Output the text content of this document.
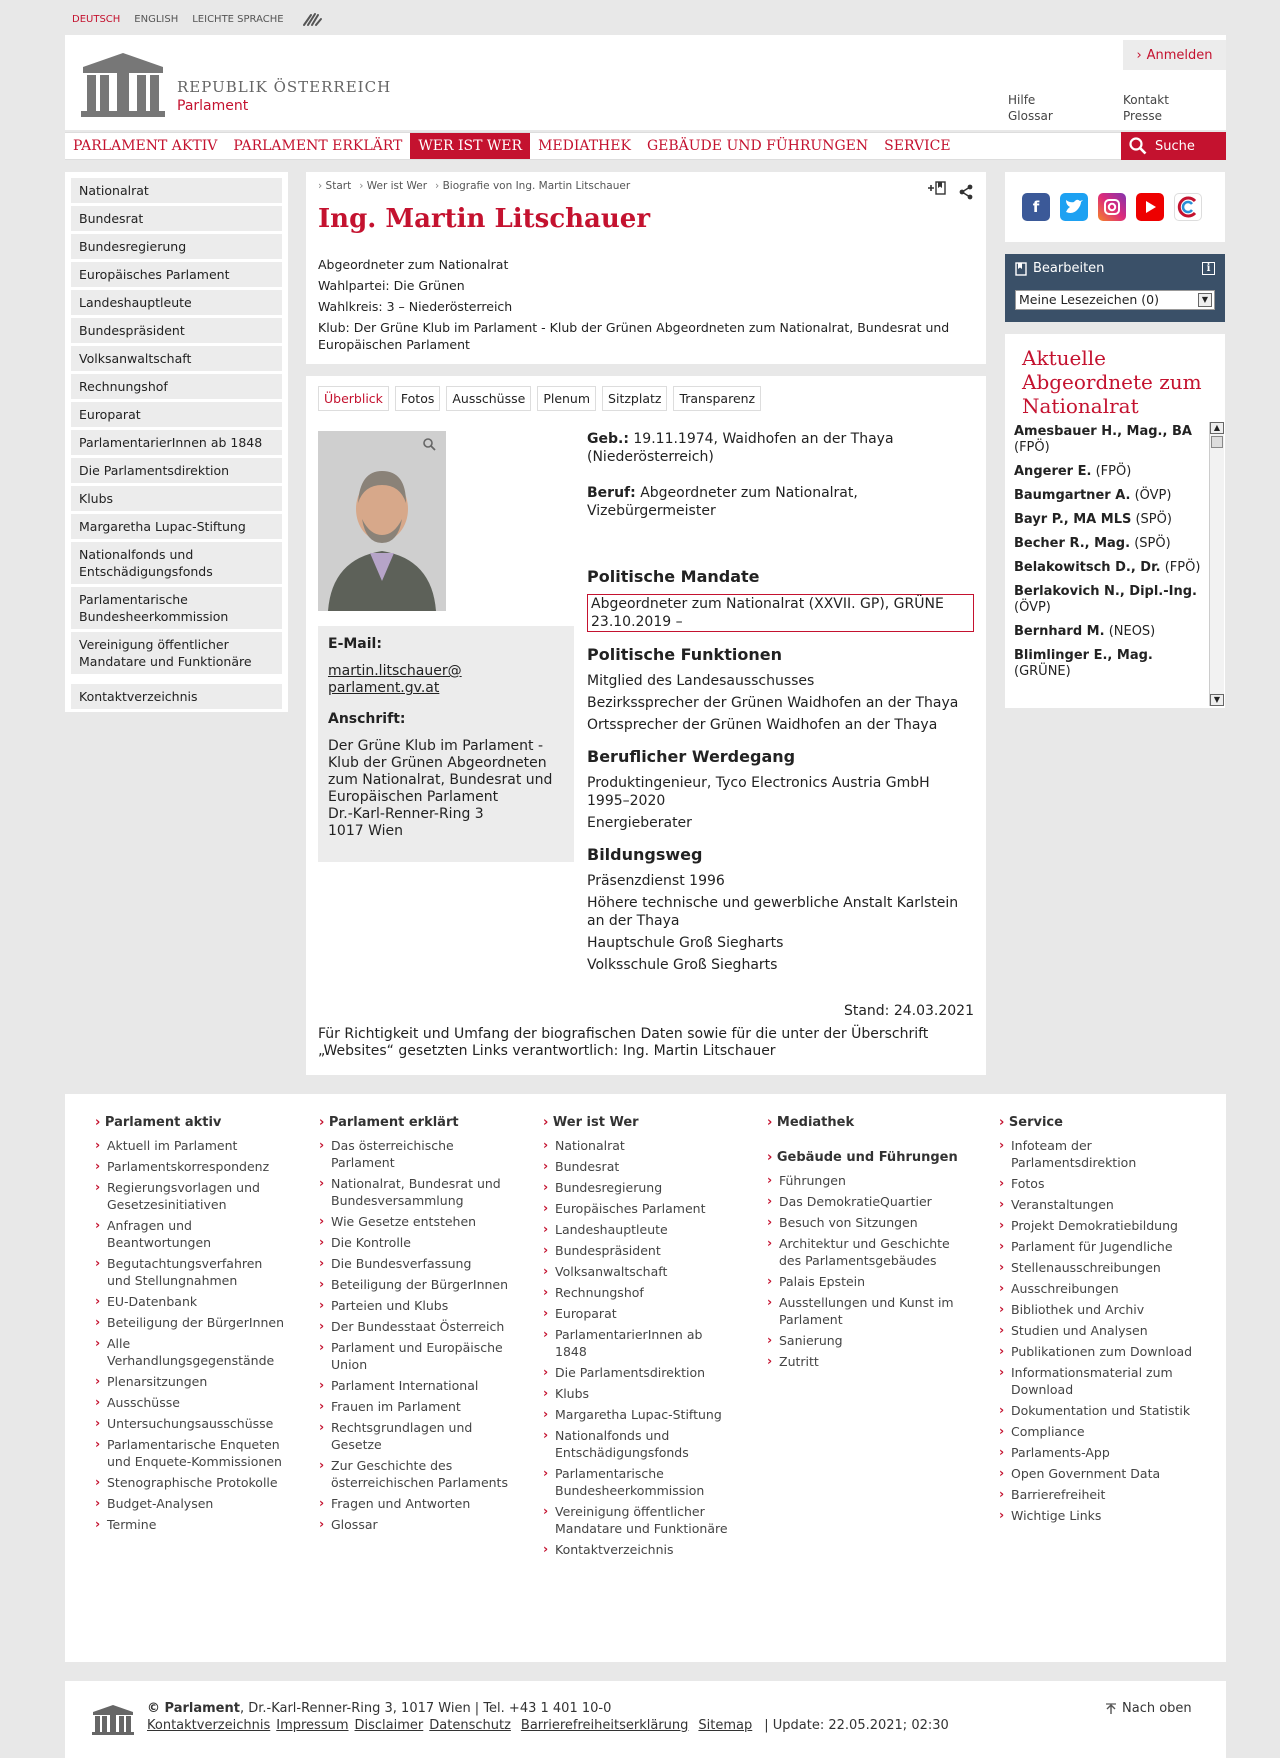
DEUTSCH ENGLISH LEICHTE SPRACHE
REPUBLIK ÖSTERREICH
Parlament
› Anmelden
Hilfe
Glossar
Kontakt
Presse
PARLAMENT AKTIV	PARLAMENT ERKLÄRT	WER IST WER	MEDIATHEK	GEBÄUDE UND FÜHRUNGEN	SERVICE	Suche
Nationalrat
Bundesrat
Bundesregierung
Europäisches Parlament
Landeshauptleute
Bundespräsident
Volksanwaltschaft
Rechnungshof
Europarat
ParlamentarierInnen ab 1848
Die Parlamentsdirektion
Klubs
Margaretha Lupac-Stiftung
Nationalfonds und Entschädigungsfonds
Parlamentarische Bundesheerkommission
Vereinigung öffentlicher Mandatare und Funktionäre
Kontaktverzeichnis
› Start › Wer ist Wer › Biografie von Ing. Martin Litschauer
Ing. Martin Litschauer
Abgeordneter zum Nationalrat
Wahlpartei: Die Grünen
Wahlkreis: 3 – Niederösterreich
Klub: Der Grüne Klub im Parlament - Klub der Grünen Abgeordneten zum Nationalrat, Bundesrat und Europäischen Parlament
Überblick	Fotos	Ausschüsse	Plenum	Sitzplatz	Transparenz
E-Mail:
martin.litschauer@ parlament.gv.at
Anschrift:
Der Grüne Klub im Parlament - Klub der Grünen Abgeordneten zum Nationalrat, Bundesrat und Europäischen Parlament
Dr.-Karl-Renner-Ring 3
1017 Wien
Geb.: 19.11.1974, Waidhofen an der Thaya (Niederösterreich)
Beruf: Abgeordneter zum Nationalrat, Vizebürgermeister
Politische Mandate
Abgeordneter zum Nationalrat (XXVII. GP), GRÜNE 23.10.2019 –
Politische Funktionen
Mitglied des Landesausschusses
Bezirkssprecher der Grünen Waidhofen an der Thaya
Ortssprecher der Grünen Waidhofen an der Thaya
Beruflicher Werdegang
Produktingenieur, Tyco Electronics Austria GmbH 1995–2020
Energieberater
Bildungsweg
Präsenzdienst 1996
Höhere technische und gewerbliche Anstalt Karlstein an der Thaya
Hauptschule Groß Siegharts
Volksschule Groß Siegharts
Stand: 24.03.2021
Für Richtigkeit und Umfang der biografischen Daten sowie für die unter der Überschrift „Websites“ gesetzten Links verantwortlich: Ing. Martin Litschauer
f
Bearbeiten	i
Meine Lesezeichen (0)	▼
Aktuelle Abgeordnete zum Nationalrat
Amesbauer H., Mag., BA (FPÖ)
Angerer E. (FPÖ)
Baumgartner A. (ÖVP)
Bayr P., MA MLS (SPÖ)
Becher R., Mag. (SPÖ)
Belakowitsch D., Dr. (FPÖ)
Berlakovich N., Dipl.-Ing. (ÖVP)
Bernhard M. (NEOS)
Blimlinger E., Mag. (GRÜNE)
▲
▼
› Parlament aktiv
› Aktuell im Parlament
› Parlamentskorrespondenz
› Regierungsvorlagen und Gesetzesinitiativen
› Anfragen und Beantwortungen
› Begutachtungsverfahren und Stellungnahmen
› EU-Datenbank
› Beteiligung der BürgerInnen
› Alle Verhandlungsgegenstände
› Plenarsitzungen
› Ausschüsse
› Untersuchungsausschüsse
› Parlamentarische Enqueten und Enquete-Kommissionen
› Stenographische Protokolle
› Budget-Analysen
› Termine
› Parlament erklärt
› Das österreichische Parlament
› Nationalrat, Bundesrat und Bundesversammlung
› Wie Gesetze entstehen
› Die Kontrolle
› Die Bundesverfassung
› Beteiligung der BürgerInnen
› Parteien und Klubs
› Der Bundesstaat Österreich
› Parlament und Europäische Union
› Parlament International
› Frauen im Parlament
› Rechtsgrundlagen und Gesetze
› Zur Geschichte des österreichischen Parlaments
› Fragen und Antworten
› Glossar
› Wer ist Wer
› Nationalrat
› Bundesrat
› Bundesregierung
› Europäisches Parlament
› Landeshauptleute
› Bundespräsident
› Volksanwaltschaft
› Rechnungshof
› Europarat
› ParlamentarierInnen ab 1848
› Die Parlamentsdirektion
› Klubs
› Margaretha Lupac-Stiftung
› Nationalfonds und Entschädigungsfonds
› Parlamentarische Bundesheerkommission
› Vereinigung öffentlicher Mandatare und Funktionäre
› Kontaktverzeichnis
› Mediathek
› Gebäude und Führungen
› Führungen
› Das DemokratieQuartier
› Besuch von Sitzungen
› Architektur und Geschichte des Parlamentsgebäudes
› Palais Epstein
› Ausstellungen und Kunst im Parlament
› Sanierung
› Zutritt
› Service
› Infoteam der Parlamentsdirektion
› Fotos
› Veranstaltungen
› Projekt Demokratiebildung
› Parlament für Jugendliche
› Stellenausschreibungen
› Ausschreibungen
› Bibliothek und Archiv
› Studien und Analysen
› Publikationen zum Download
› Informationsmaterial zum Download
› Dokumentation und Statistik
› Compliance
› Parlaments-App
› Open Government Data
› Barrierefreiheit
› Wichtige Links
© Parlament, Dr.-Karl-Renner-Ring 3, 1017 Wien | Tel. +43 1 401 10-0
Kontaktverzeichnis Impressum Disclaimer Datenschutz Barrierefreiheitserklärung Sitemap | Update: 22.05.2021; 02:30
Nach oben
